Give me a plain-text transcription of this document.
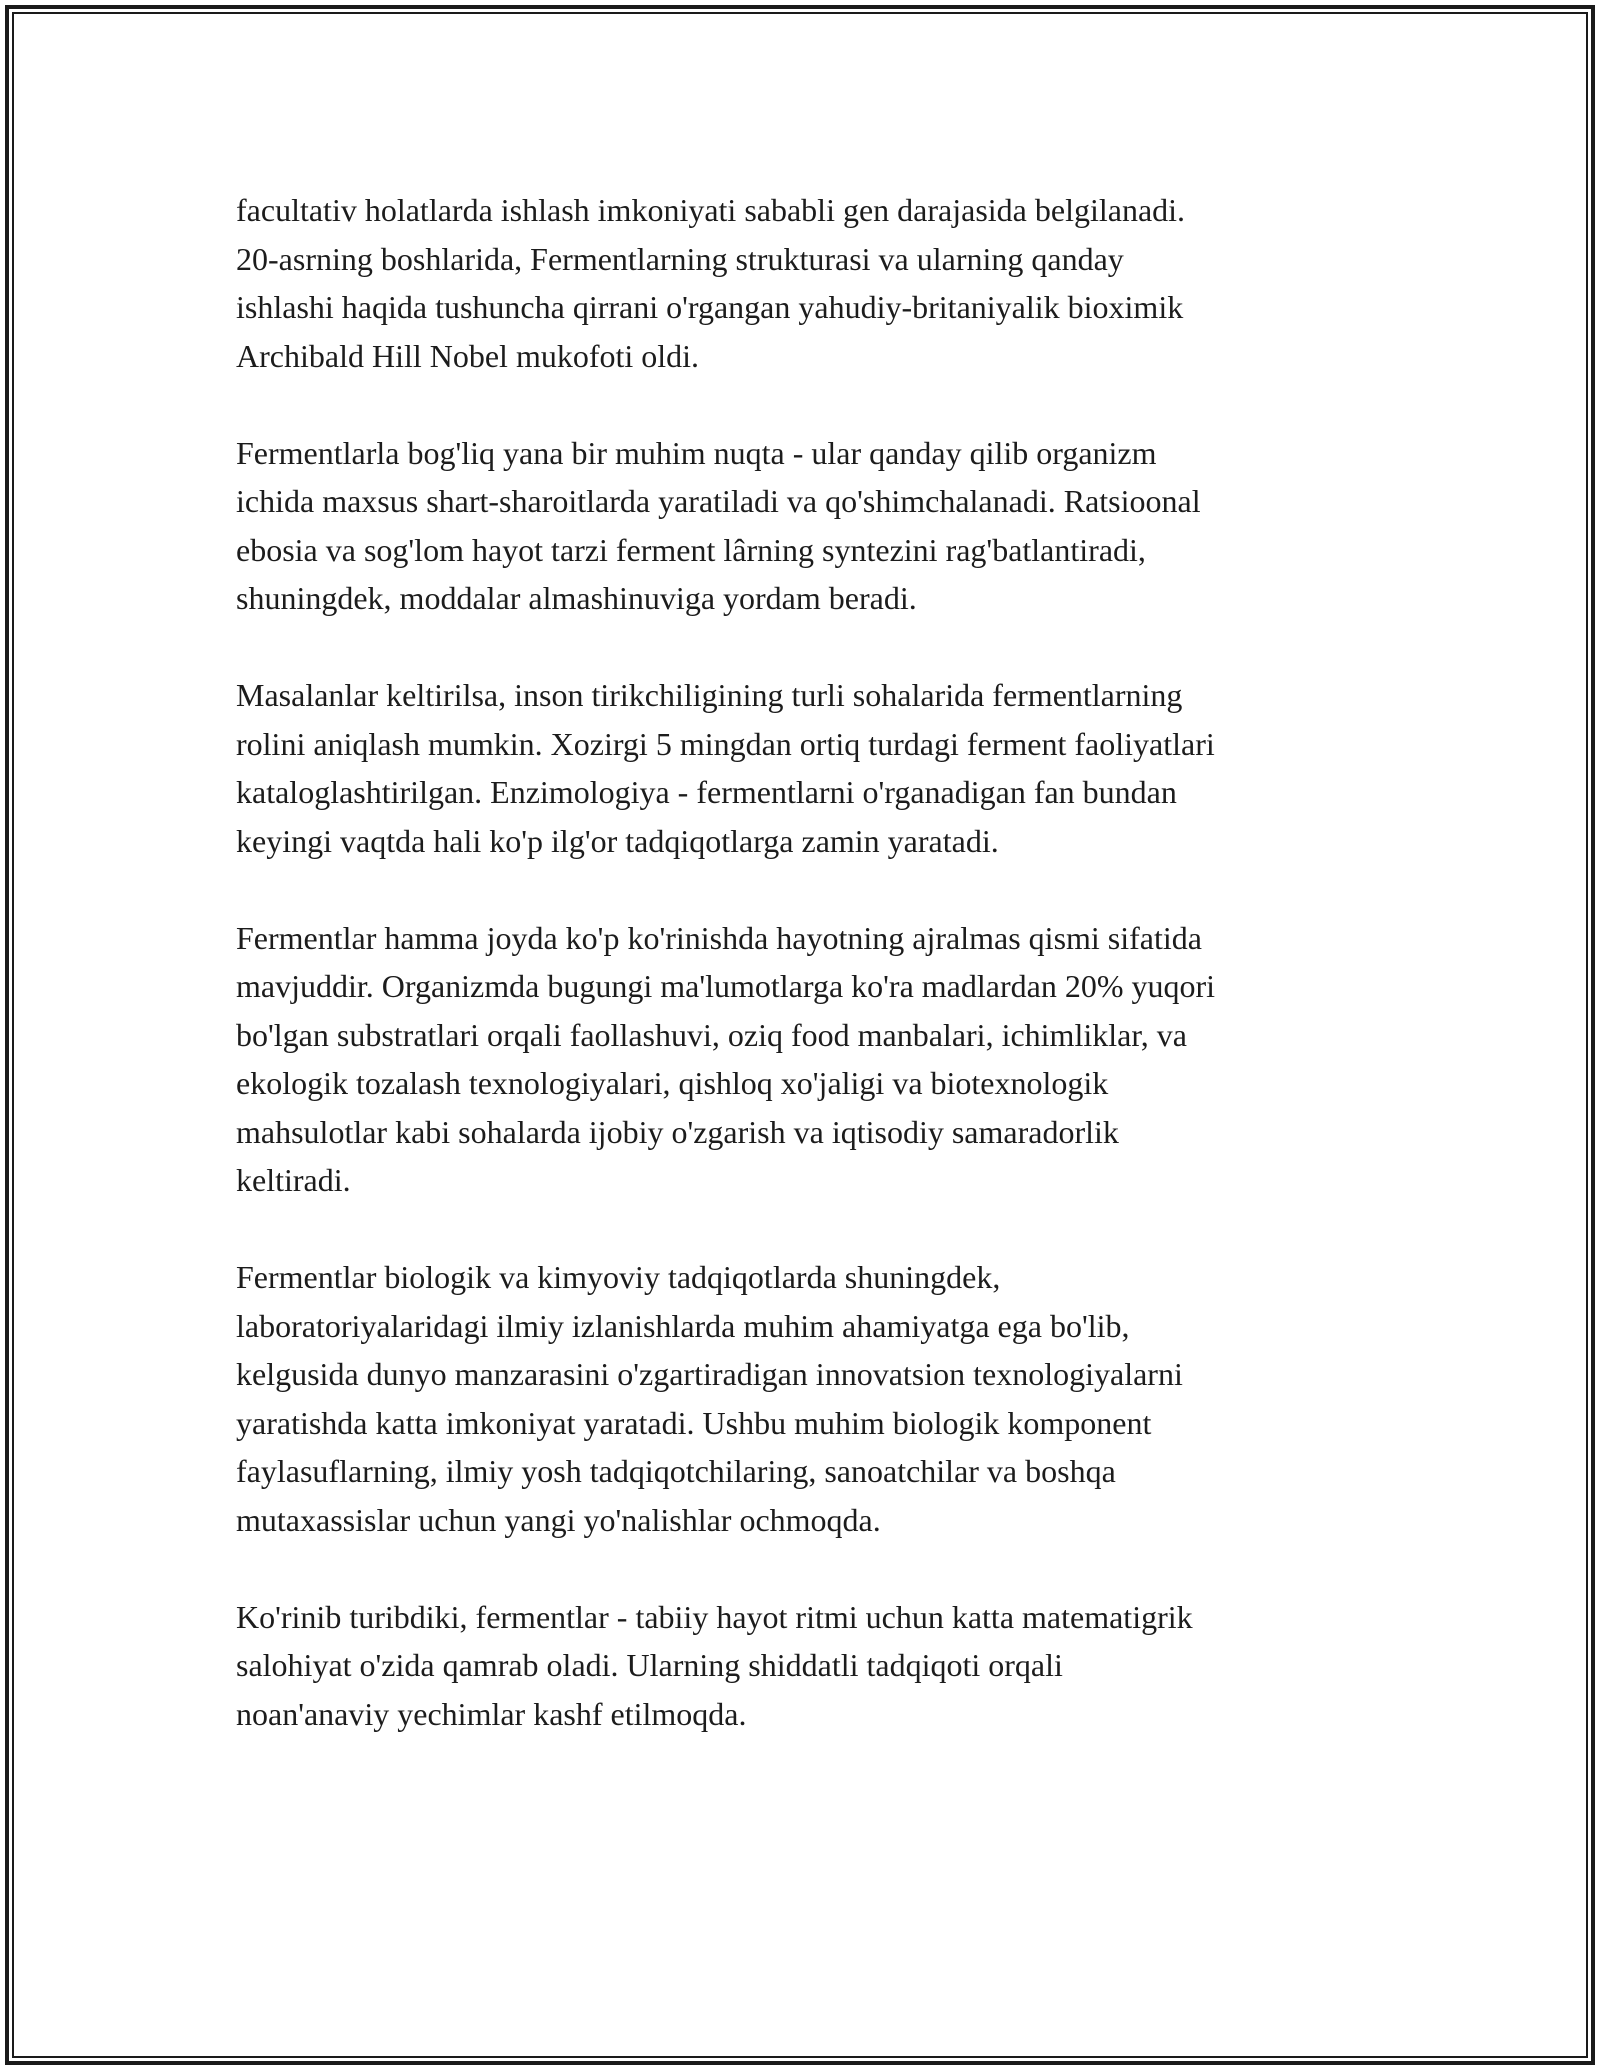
facultativ holatlarda ishlash imkoniyati sababli gen darajasida belgilanadi.
20-asrning boshlarida, Fermentlarning strukturasi va ularning qanday
ishlashi haqida tushuncha qirrani o'rgangan yahudiy-britaniyalik bioximik
Archibald Hill Nobel mukofoti oldi.
Fermentlarla bog'liq yana bir muhim nuqta - ular qanday qilib organizm
ichida maxsus shart-sharoitlarda yaratiladi va qo'shimchalanadi. Ratsioonal
ebosia va sog'lom hayot tarzi ferment lârning syntezini rag'batlantiradi,
shuningdek, moddalar almashinuviga yordam beradi.
Masalanlar keltirilsa, inson tirikchiligining turli sohalarida fermentlarning
rolini aniqlash mumkin. Xozirgi 5 mingdan ortiq turdagi ferment faoliyatlari
kataloglashtirilgan. Enzimologiya - fermentlarni o'rganadigan fan bundan
keyingi vaqtda hali ko'p ilg'or tadqiqotlarga zamin yaratadi.
Fermentlar hamma joyda ko'p ko'rinishda hayotning ajralmas qismi sifatida
mavjuddir. Organizmda bugungi ma'lumotlarga ko'ra madlardan 20% yuqori
bo'lgan substratlari orqali faollashuvi, oziq food manbalari, ichimliklar, va
ekologik tozalash texnologiyalari, qishloq xo'jaligi va biotexnologik
mahsulotlar kabi sohalarda ijobiy o'zgarish va iqtisodiy samaradorlik
keltiradi.
Fermentlar biologik va kimyoviy tadqiqotlarda shuningdek,
laboratoriyalaridagi ilmiy izlanishlarda muhim ahamiyatga ega bo'lib,
kelgusida dunyo manzarasini o'zgartiradigan innovatsion texnologiyalarni
yaratishda katta imkoniyat yaratadi. Ushbu muhim biologik komponent
faylasuflarning, ilmiy yosh tadqiqotchilaring, sanoatchilar va boshqa
mutaxassislar uchun yangi yo'nalishlar ochmoqda.
Ko'rinib turibdiki, fermentlar - tabiiy hayot ritmi uchun katta matematigrik
salohiyat o'zida qamrab oladi. Ularning shiddatli tadqiqoti orqali
noan'anaviy yechimlar kashf etilmoqda.
